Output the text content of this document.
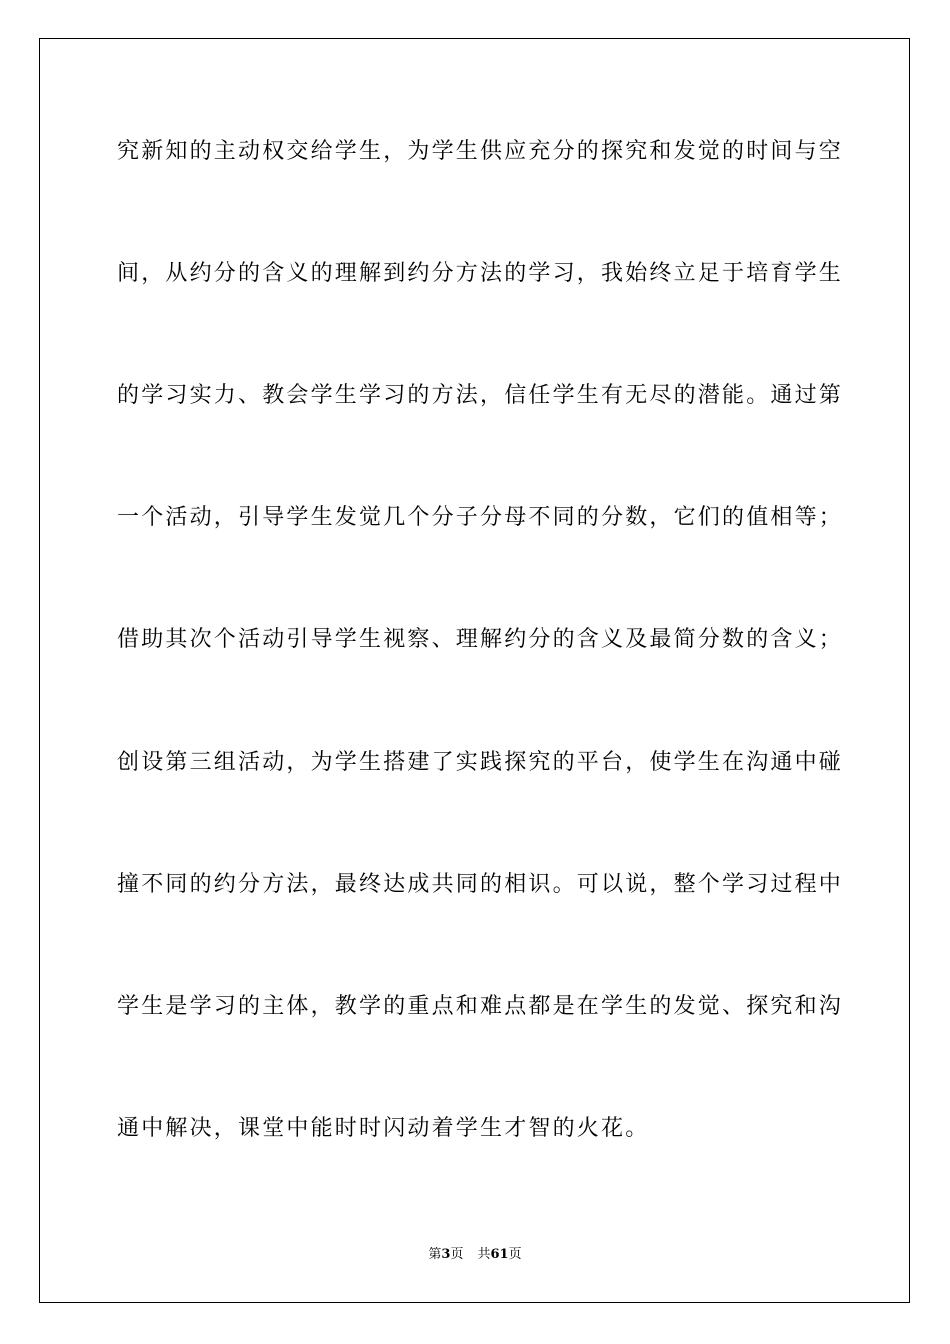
究新知的主动权交给学生，为学生供应充分的探究和发觉的时间与空
间，从约分的含义的理解到约分方法的学习，我始终立足于培育学生
的学习实力、教会学生学习的方法，信任学生有无尽的潜能。通过第
一个活动，引导学生发觉几个分子分母不同的分数，它们的值相等；
借助其次个活动引导学生视察、理解约分的含义及最简分数的含义；
创设第三组活动，为学生搭建了实践探究的平台，使学生在沟通中碰
撞不同的约分方法，最终达成共同的相识。可以说，整个学习过程中
学生是学习的主体，教学的重点和难点都是在学生的发觉、探究和沟
通中解决，课堂中能时时闪动着学生才智的火花。
第3页 共61页
